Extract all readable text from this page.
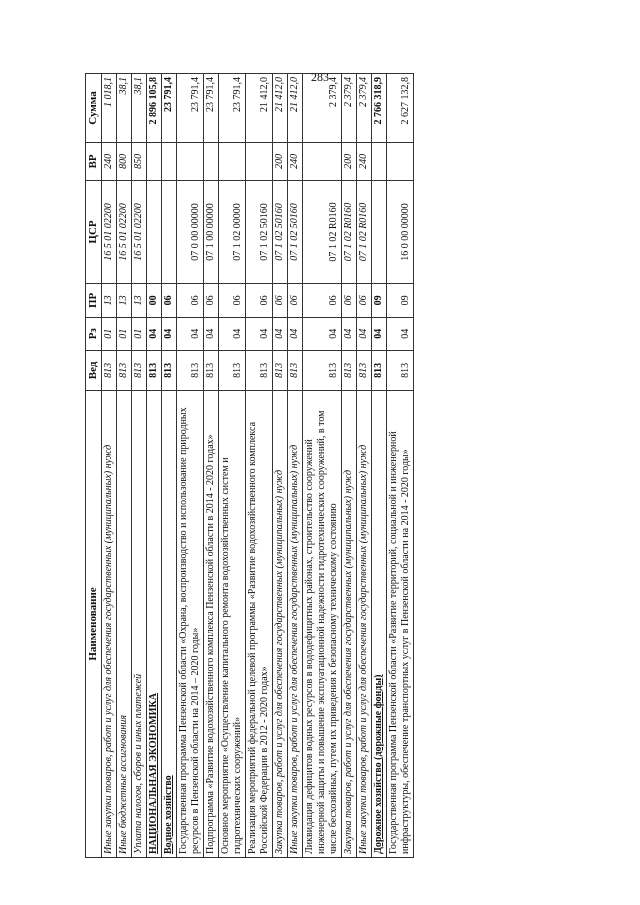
283
Наименование	Вед	Рз	ПР	ЦСР	ВР	Сумма
Иные закупки товаров, работ и услуг для обеспечения государственных (муниципальных) нужд	813	01	13	16 5 01 02200	240	1 018,1
Иные бюджетные ассигнования	813	01	13	16 5 01 02200	800	38,1
Уплата налогов, сборов и иных платежей	813	01	13	16 5 01 02200	850	38,1
НАЦИОНАЛЬНАЯ ЭКОНОМИКА	813	04	00			2 896 105,8
Водное хозяйство	813	04	06			23 791,4
Государственная программа Пензенской области «Охрана, воспроизводство и использование природных ресурсов в Пензенской области на 2014 – 2020 годы»	813	04	06	07 0 00 00000		23 791,4
Подпрограмма «Развитие водохозяйственного комплекса Пензенской области в 2014 - 2020 годах»	813	04	06	07 1 00 00000		23 791,4
Основное мероприятие «Осуществление капитального ремонта водохозяйственных систем и гидротехнических сооружений»	813	04	06	07 1 02 00000		23 791,4
Реализация мероприятий федеральной целевой программы «Развитие водохозяйственного комплекса Российской Федерации в 2012 - 2020 годах»	813	04	06	07 1 02 50160		21 412,0
Закупка товаров, работ и услуг для обеспечения государственных (муниципальных) нужд	813	04	06	07 1 02 50160	200	21 412,0
Иные закупки товаров, работ и услуг для обеспечения государственных (муниципальных) нужд	813	04	06	07 1 02 50160	240	21 412,0
Ликвидация дефицитов водных ресурсов в вододефицитных районах, строительство сооружений инженерной защиты и повышение эксплуатационной надежности гидротехнических сооружений, в том числе бесхозяйных, путем их приведения к безопасному техническому состоянию	813	04	06	07 1 02 R0160		2 379,4
Закупка товаров, работ и услуг для обеспечения государственных (муниципальных) нужд	813	04	06	07 1 02 R0160	200	2 379,4
Иные закупки товаров, работ и услуг для обеспечения государственных (муниципальных) нужд	813	04	06	07 1 02 R0160	240	2 379,4
Дорожное хозяйство (дорожные фонды)	813	04	09			2 766 318,9
Государственная программа Пензенской области «Развитие территорий, социальной и инженерной инфраструктуры, обеспечение транспортных услуг в Пензенской области на 2014 - 2020 годы»	813	04	09	16 0 00 00000		2 627 132,8
